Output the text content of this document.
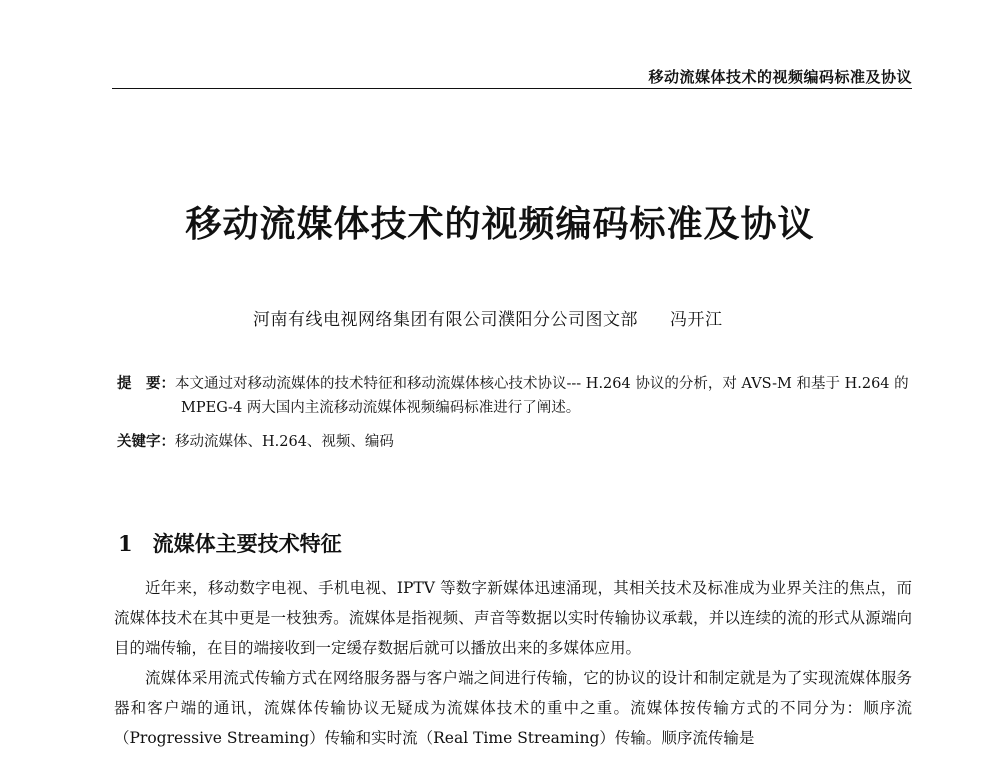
移动流媒体技术的视频编码标准及协议
移动流媒体技术的视频编码标准及协议
河南有线电视网络集团有限公司濮阳分公司图文部 冯开江

提　要：本文通过对移动流媒体的技术特征和移动流媒体核心技术协议--- H.264 协议的分析，对 AVS-M 和基于 H.264 的 MPEG-4 两大国内主流移动流媒体视频编码标准进行了阐述。

关键字：移动流媒体、H.264、视频、编码
1 流媒体主要技术特征

近年来，移动数字电视、手机电视、IPTV 等数字新媒体迅速涌现，其相关技术及标准成为业界关注的焦点，而流媒体技术在其中更是一枝独秀。流媒体是指视频、声音等数据以实时传输协议承载，并以连续的流的形式从源端向目的端传输，在目的端接收到一定缓存数据后就可以播放出来的多媒体应用。

流媒体采用流式传输方式在网络服务器与客户端之间进行传输，它的协议的设计和制定就是为了实现流媒体服务器和客户端的通讯，流媒体传输协议无疑成为流媒体技术的重中之重。流媒体按传输方式的不同分为：顺序流（Progressive Streaming）传输和实时流（Real Time Streaming）传输。顺序流传输是
